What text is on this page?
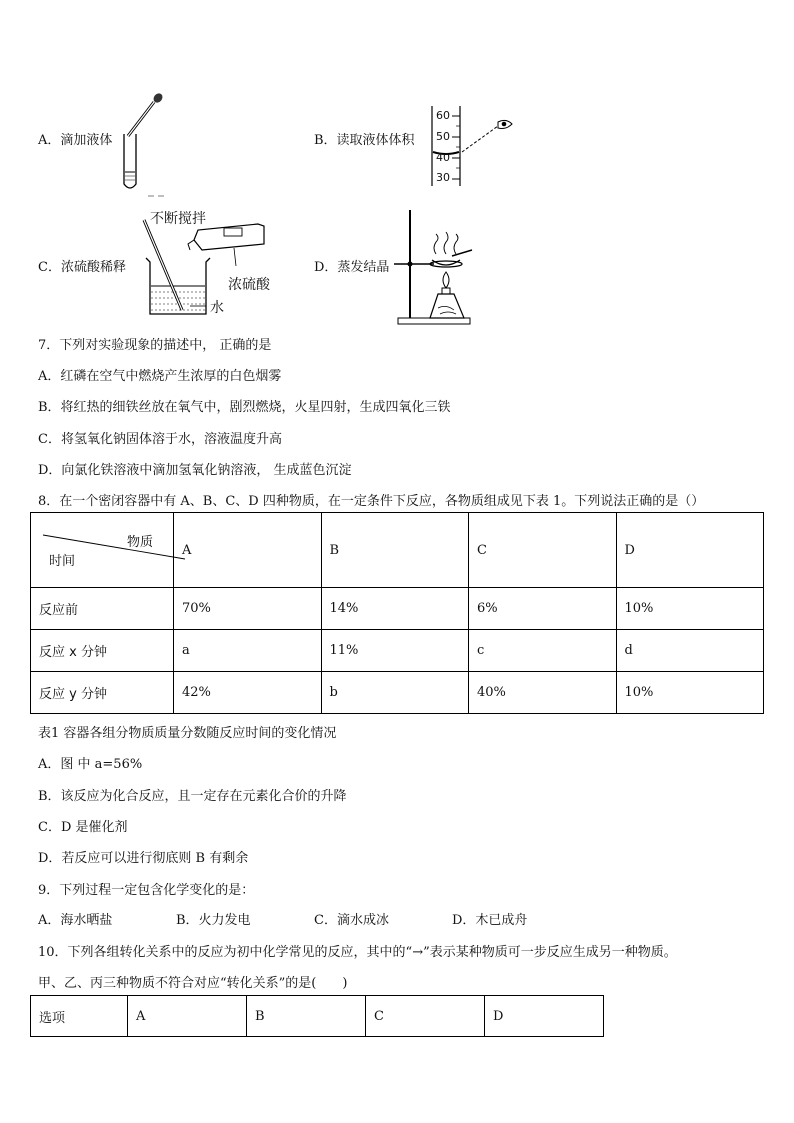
A．滴加液体	B．读取液体体积
60
50
40
30
C．浓硫酸稀释
不断搅拌
浓硫酸
水
D．蒸发结晶
7．下列对实验现象的描述中， 正确的是
A．红磷在空气中燃烧产生浓厚的白色烟雾
B．将红热的细铁丝放在氧气中，剧烈燃烧，火星四射，生成四氧化三铁
C．将氢氧化钠固体溶于水，溶液温度升高
D．向氯化铁溶液中滴加氢氧化钠溶液， 生成蓝色沉淀
8．在一个密闭容器中有 A、B、C、D 四种物质，在一定条件下反应，各物质组成见下表 1。下列说法正确的是（）
物质
时间	A	B	C	D
反应前	70%	14%	6%	10%
反应 x 分钟	a	11%	c	d
反应 y 分钟	42%	b	40%	10%
表1 容器各组分物质质量分数随反应时间的变化情况
A．图 中 a=56%
B．该反应为化合反应，且一定存在元素化合价的升降
C．D 是催化剂
D．若反应可以进行彻底则 B 有剩余
9．下列过程一定包含化学变化的是：
A．海水晒盐	B．火力发电	C．滴水成冰	D．木已成舟
10．下列各组转化关系中的反应为初中化学常见的反应，其中的“→”表示某种物质可一步反应生成另一种物质。
甲、乙、丙三种物质不符合对应“转化关系”的是(　　)
选项	A	B	C	D
